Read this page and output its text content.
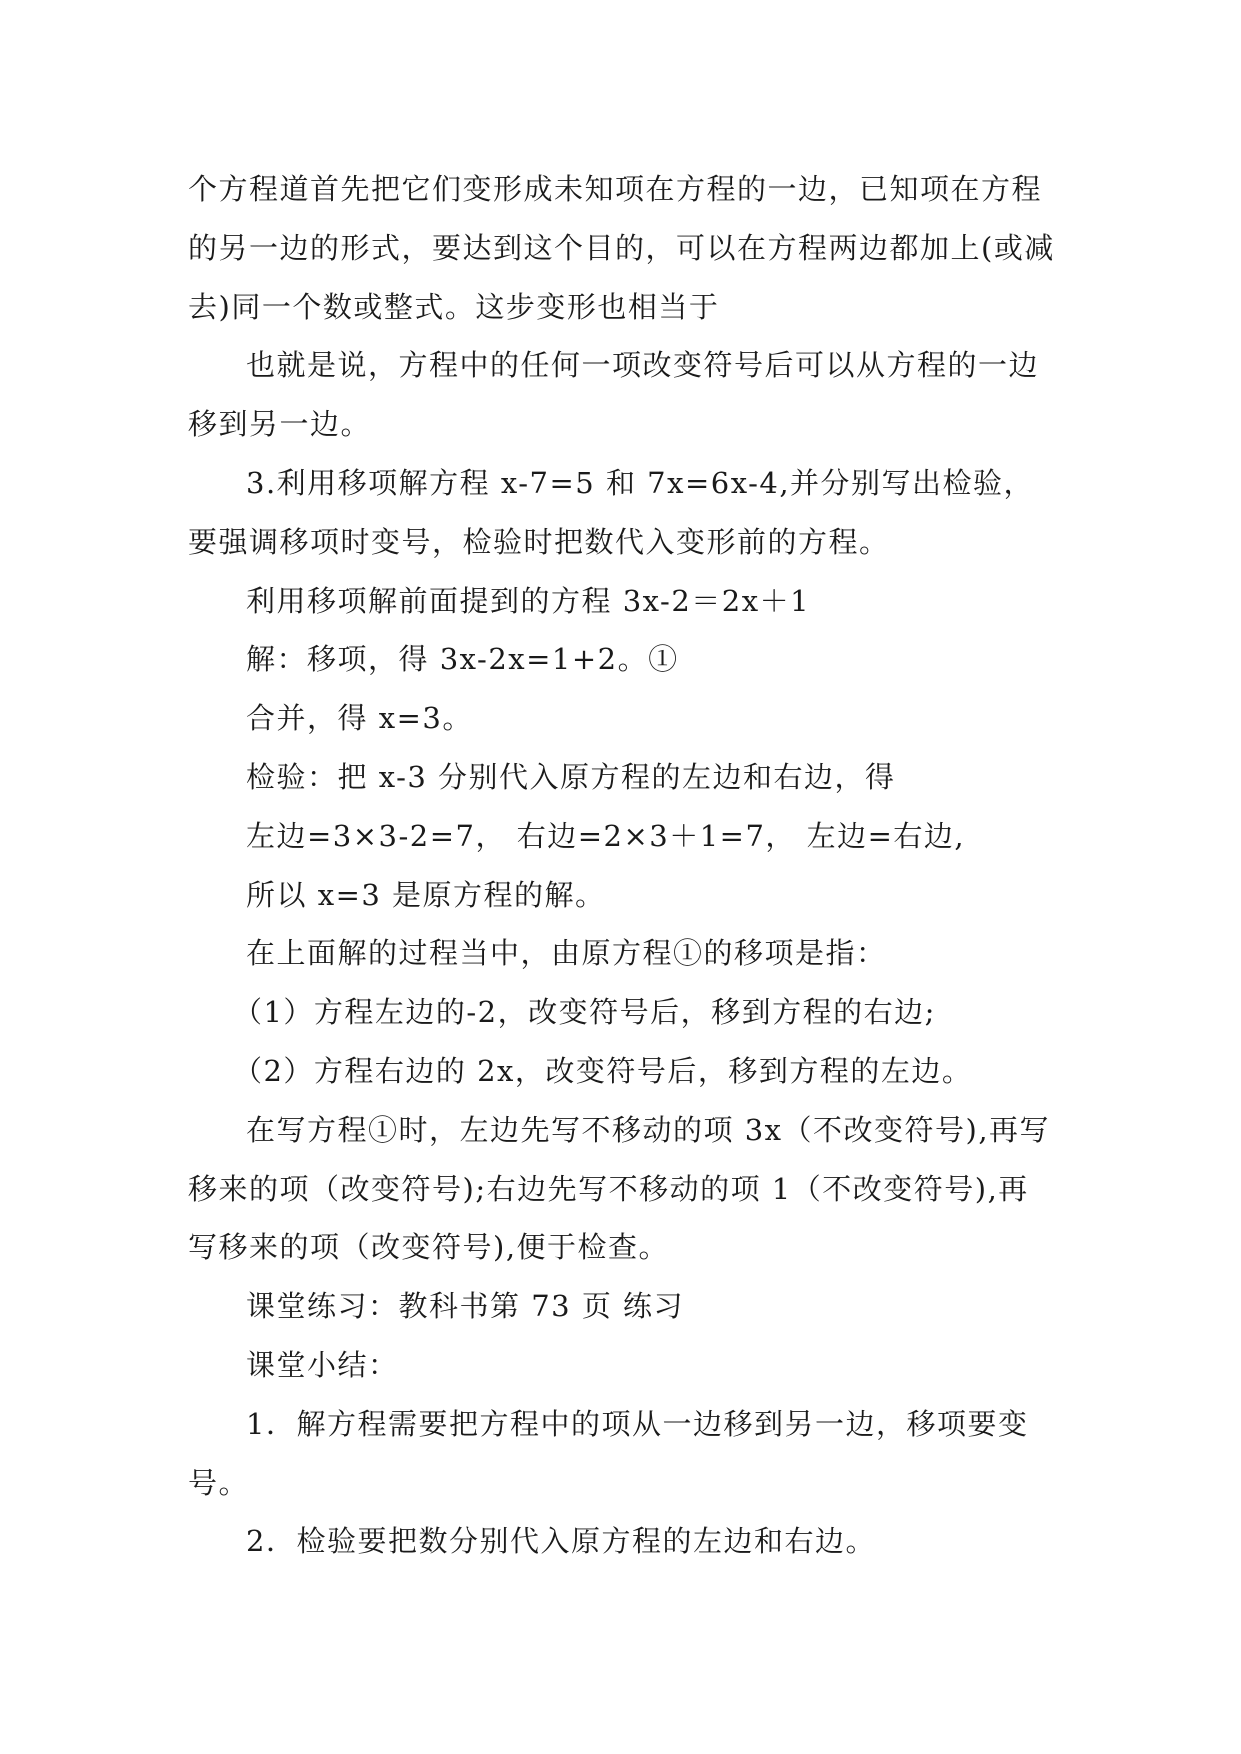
个方程道首先把它们变形成未知项在方程的一边，已知项在方程的另一边的形式，要达到这个目的，可以在方程两边都加上(或减去)同一个数或整式。这步变形也相当于

也就是说，方程中的任何一项改变符号后可以从方程的一边移到另一边。

3.利用移项解方程 x-7=5 和 7x=6x-4,并分别写出检验，要强调移项时变号，检验时把数代入变形前的方程。

利用移项解前面提到的方程 3x-2＝2x＋1

解：移项，得 3x-2x=1+2。①

合并，得 x=3。

检验：把 x-3 分别代入原方程的左边和右边，得

左边=3×3-2=7， 右边=2×3＋1=7， 左边=右边,

所以 x=3 是原方程的解。

在上面解的过程当中，由原方程①的移项是指：

（1）方程左边的-2，改变符号后，移到方程的右边;

（2）方程右边的 2x，改变符号后，移到方程的左边。

在写方程①时，左边先写不移动的项 3x（不改变符号),再写移来的项（改变符号);右边先写不移动的项 1（不改变符号),再写移来的项（改变符号),便于检查。

课堂练习：教科书第 73 页 练习

课堂小结：

1．解方程需要把方程中的项从一边移到另一边，移项要变号。

2．检验要把数分别代入原方程的左边和右边。
